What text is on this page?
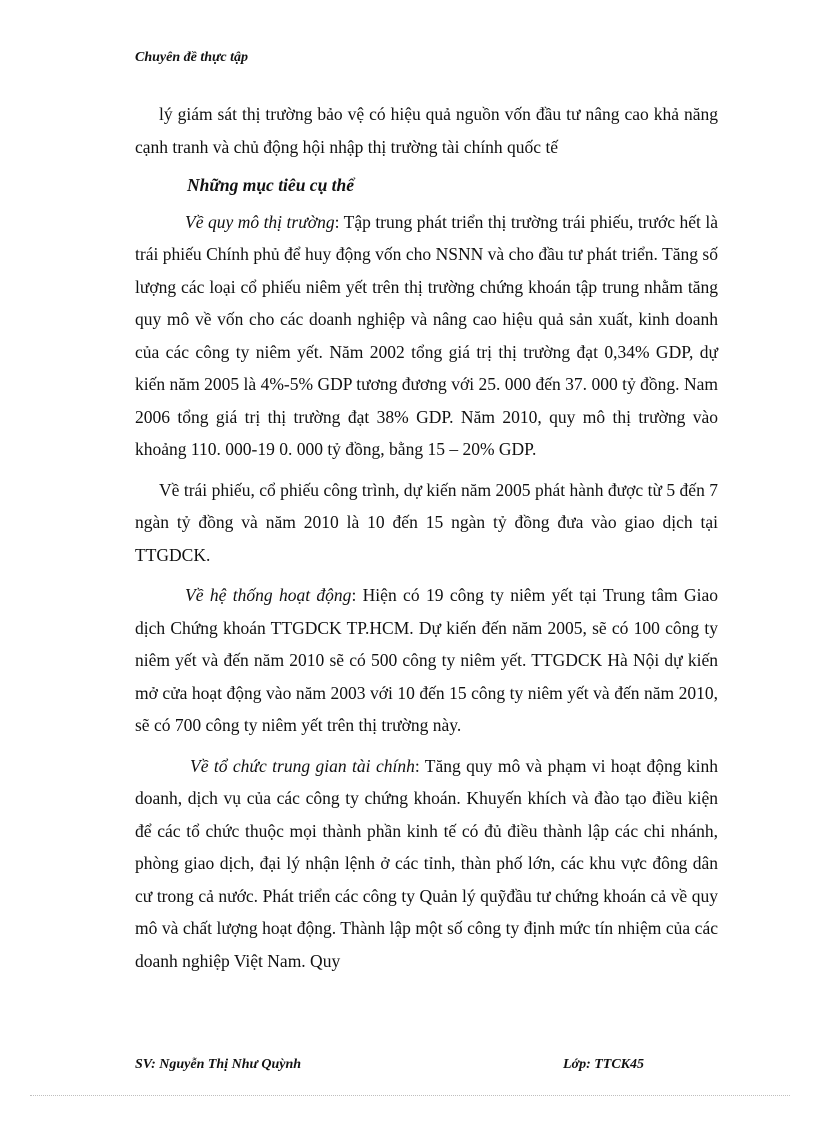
Chuyên đề thực tập

lý giám sát thị trường bảo vệ có hiệu quả nguồn vốn đầu tư nâng cao khả năng cạnh tranh và chủ động hội nhập thị trường tài chính quốc tế

Những mục tiêu cụ thể

Về quy mô thị trường: Tập trung phát triển thị trường trái phiếu, trước hết là trái phiếu Chính phủ để huy động vốn cho NSNN và cho đầu tư phát triển. Tăng số lượng các loại cổ phiếu niêm yết trên thị trường chứng khoán tập trung nhằm tăng quy mô về vốn cho các doanh nghiệp và nâng cao hiệu quả sản xuất, kinh doanh của các công ty niêm yết. Năm 2002 tổng giá trị thị trường đạt 0,34% GDP, dự kiến năm 2005 là 4%-5% GDP tương đương với 25. 000 đến 37. 000 tỷ đồng. Nam 2006 tổng giá trị thị trường đạt 38% GDP. Năm 2010, quy mô thị trường vào khoảng 110. 000-19 0. 000 tỷ đồng, bằng 15 – 20% GDP.

Về trái phiếu, cổ phiếu công trình, dự kiến năm 2005 phát hành được từ 5 đến 7 ngàn tỷ đồng và năm 2010 là 10 đến 15 ngàn tỷ đồng đưa vào giao dịch tại TTGDCK.

Về hệ thống hoạt động: Hiện có 19 công ty niêm yết tại Trung tâm Giao dịch Chứng khoán TTGDCK TP.HCM. Dự kiến đến năm 2005, sẽ có 100 công ty niêm yết và đến năm 2010 sẽ có 500 công ty niêm yết. TTGDCK Hà Nội dự kiến mở cửa hoạt động vào năm 2003 với 10 đến 15 công ty niêm yết và đến năm 2010, sẽ có 700 công ty niêm yết trên thị trường này.

Về tổ chức trung gian tài chính: Tăng quy mô và phạm vi hoạt động kinh doanh, dịch vụ của các công ty chứng khoán. Khuyến khích và đào tạo điều kiện để các tổ chức thuộc mọi thành phần kinh tế có đủ điều thành lập các chi nhánh, phòng giao dịch, đại lý nhận lệnh ở các tỉnh, thàn phố lớn, các khu vực đông dân cư trong cả nước. Phát triển các công ty Quản lý quỹđầu tư chứng khoán cả về quy mô và chất lượng hoạt động. Thành lập một số công ty định mức tín nhiệm của các doanh nghiệp Việt Nam. Quy

SV: Nguyễn Thị Như Quỳnh	Lớp: TTCK45
